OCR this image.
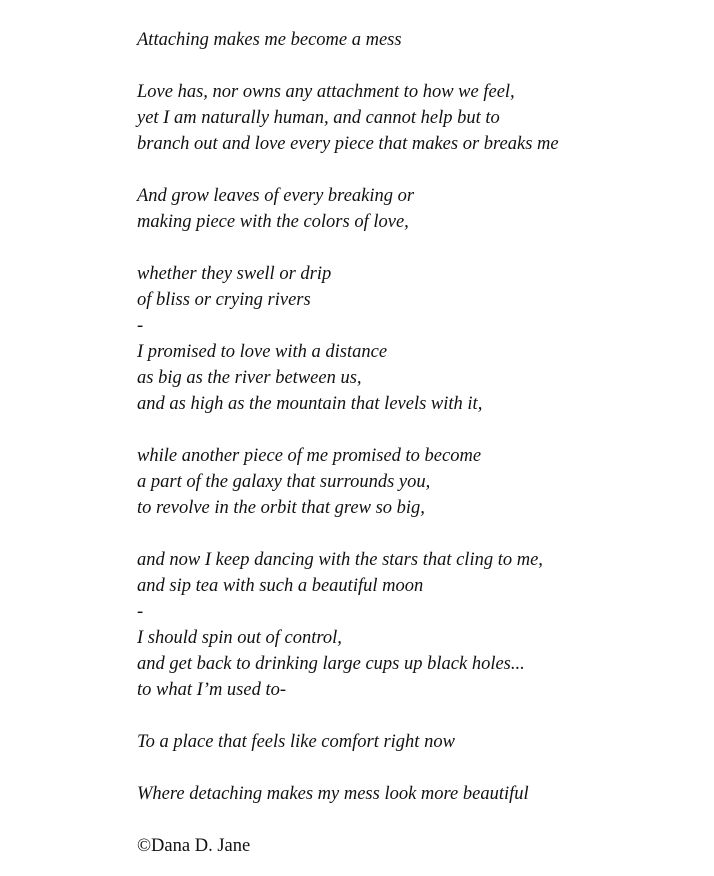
Attaching makes me become a mess
Love has, nor owns any attachment to how we feel,
yet I am naturally human, and cannot help but to
branch out and love every piece that makes or breaks me
And grow leaves of every breaking or
making piece with the colors of love,
whether they swell or drip
of bliss or crying rivers
-
I promised to love with a distance
as big as the river between us,
and as high as the mountain that levels with it,
while another piece of me promised to become
a part of the galaxy that surrounds you,
to revolve in the orbit that grew so big,
and now I keep dancing with the stars that cling to me,
and sip tea with such a beautiful moon
-
I should spin out of control,
and get back to drinking large cups up black holes...
to what I’m used to-
To a place that feels like comfort right now
Where detaching makes my mess look more beautiful
©Dana D. Jane
